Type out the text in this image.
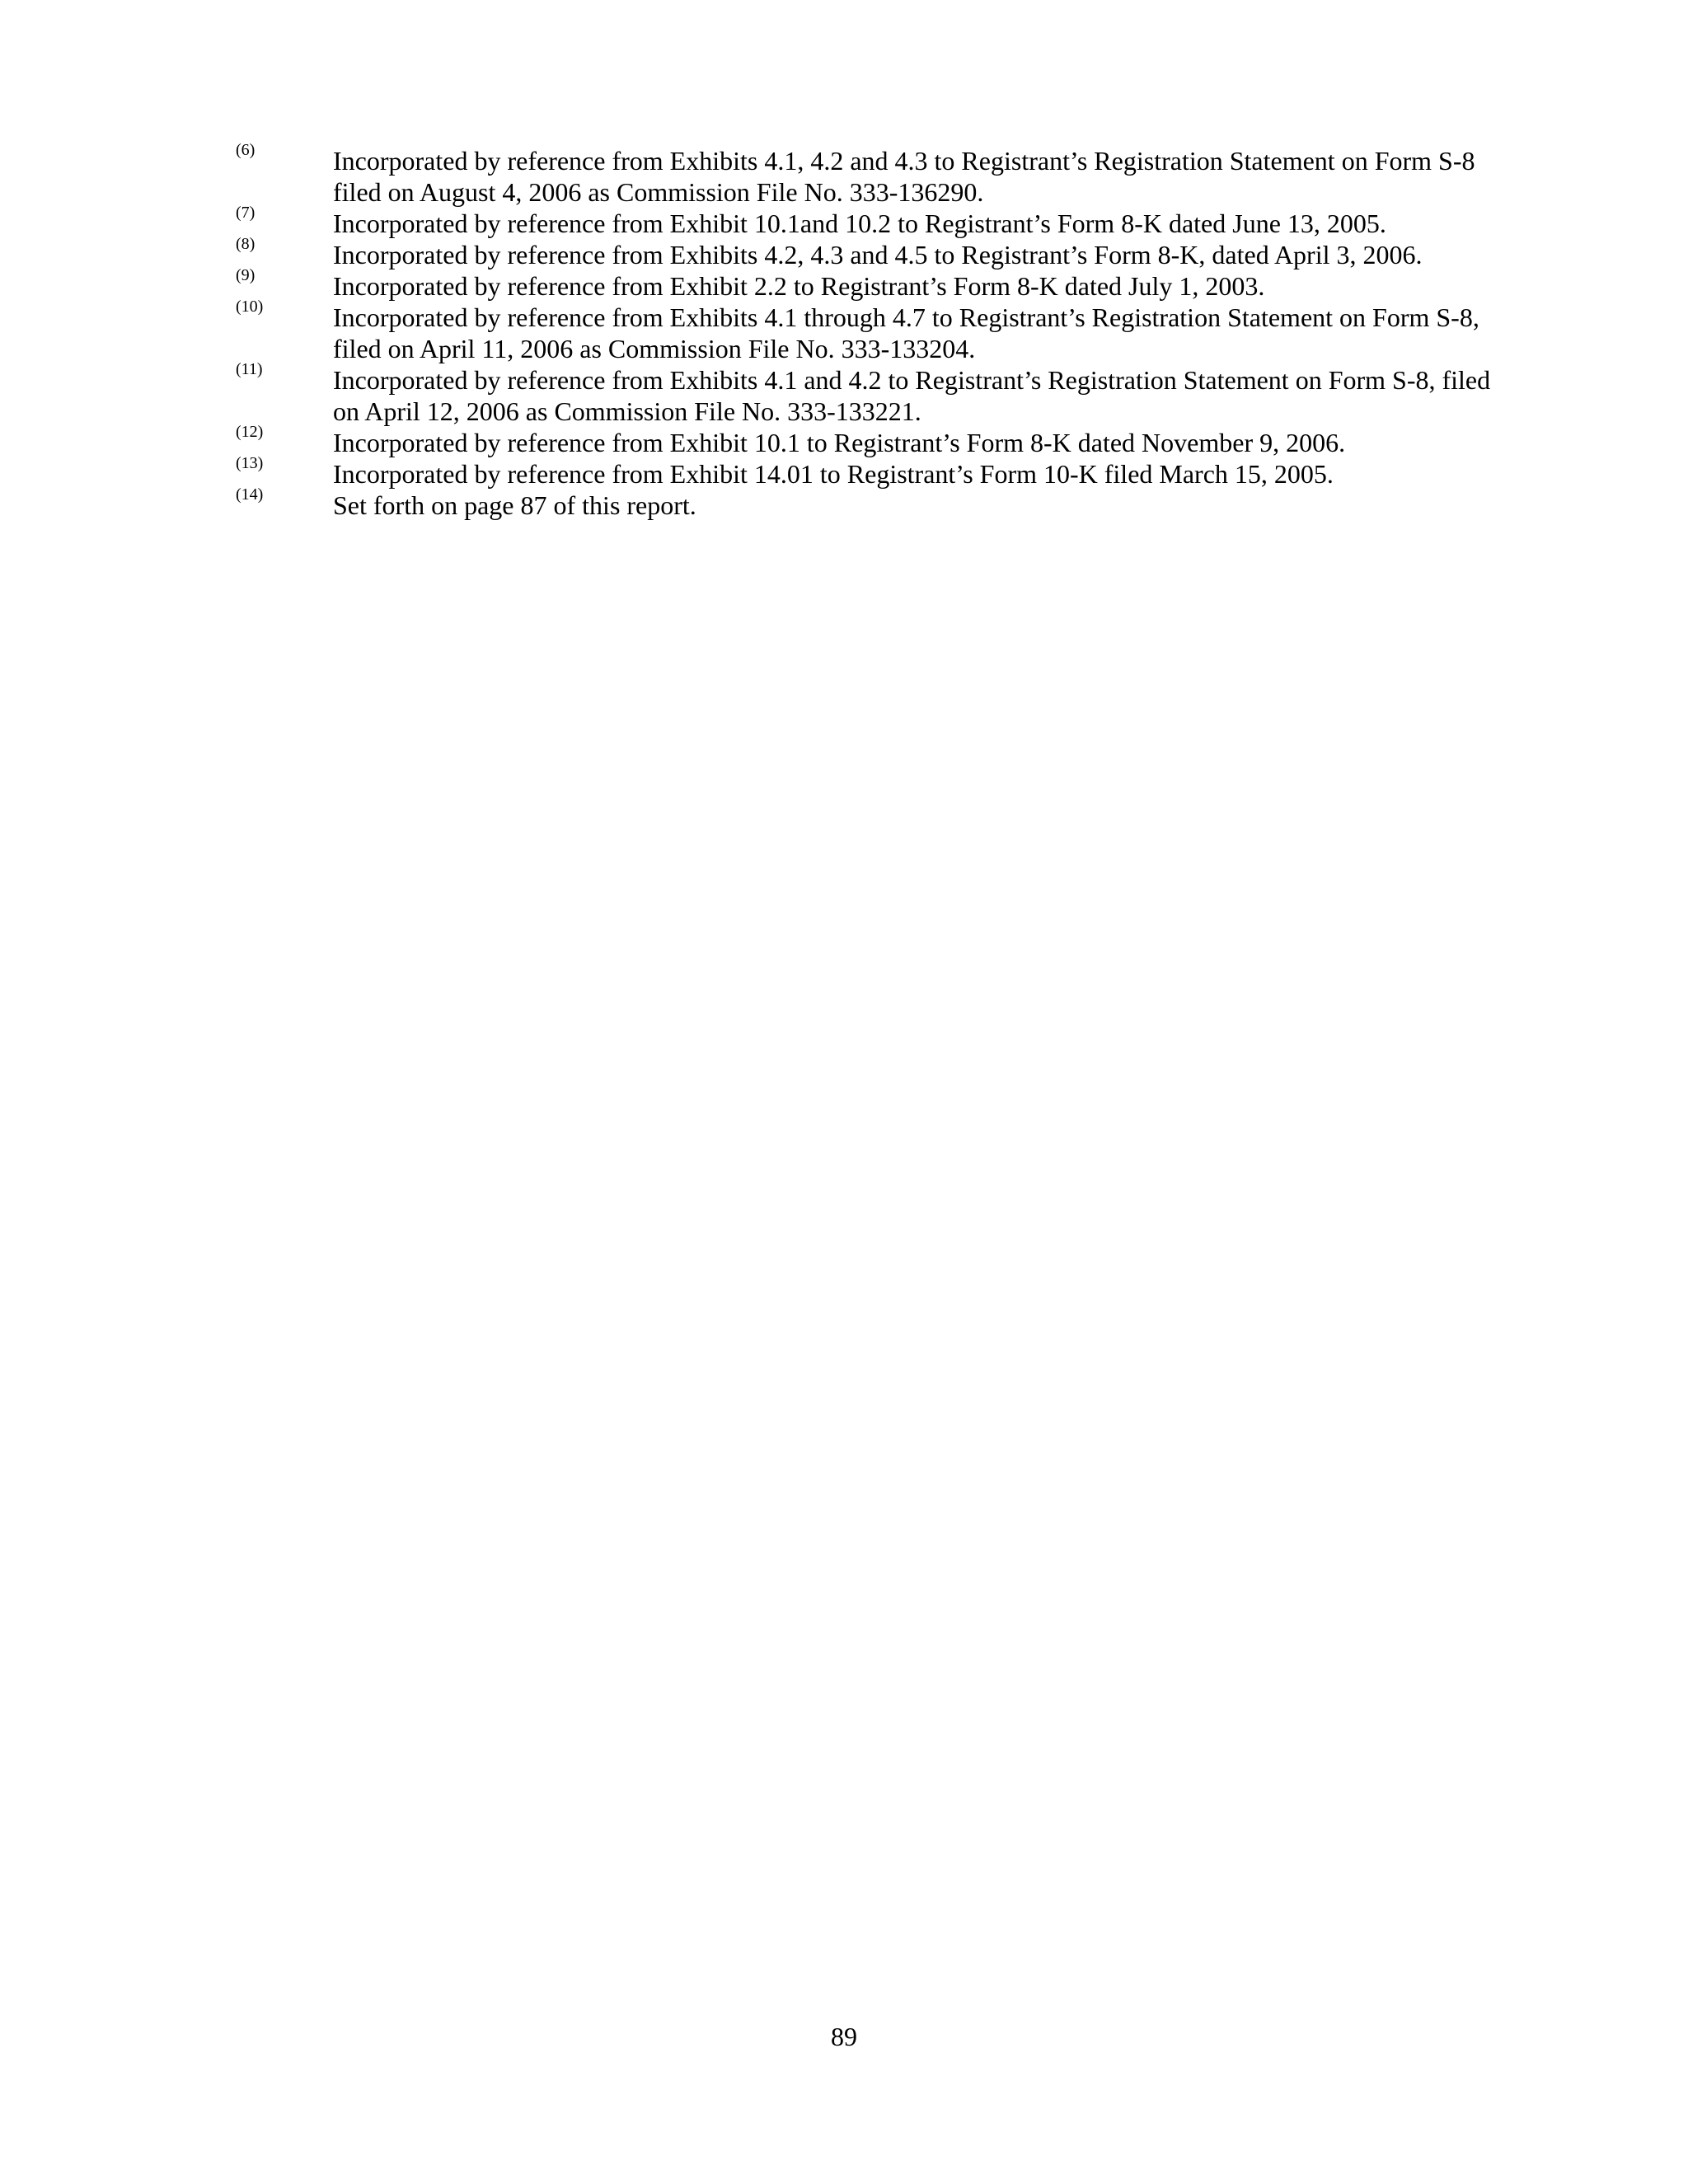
(6)	Incorporated by reference from Exhibits 4.1, 4.2 and 4.3 to Registrant’s Registration Statement on Form S-8 filed on August 4, 2006 as Commission File No. 333-136290.
(7)	Incorporated by reference from Exhibit 10.1and 10.2 to Registrant’s Form 8-K dated June 13, 2005.
(8)	Incorporated by reference from Exhibits 4.2, 4.3 and 4.5 to Registrant’s Form 8-K, dated April 3, 2006.
(9)	Incorporated by reference from Exhibit 2.2 to Registrant’s Form 8-K dated July 1, 2003.
(10)	Incorporated by reference from Exhibits 4.1 through 4.7 to Registrant’s Registration Statement on Form S-8, filed on April 11, 2006 as Commission File No. 333-133204.
(11)	Incorporated by reference from Exhibits 4.1 and 4.2 to Registrant’s Registration Statement on Form S-8, filed on April 12, 2006 as Commission File No. 333-133221.
(12)	Incorporated by reference from Exhibit 10.1 to Registrant’s Form 8-K dated November 9, 2006.
(13)	Incorporated by reference from Exhibit 14.01 to Registrant’s Form 10-K filed March 15, 2005.
(14)	Set forth on page 87 of this report.
89
